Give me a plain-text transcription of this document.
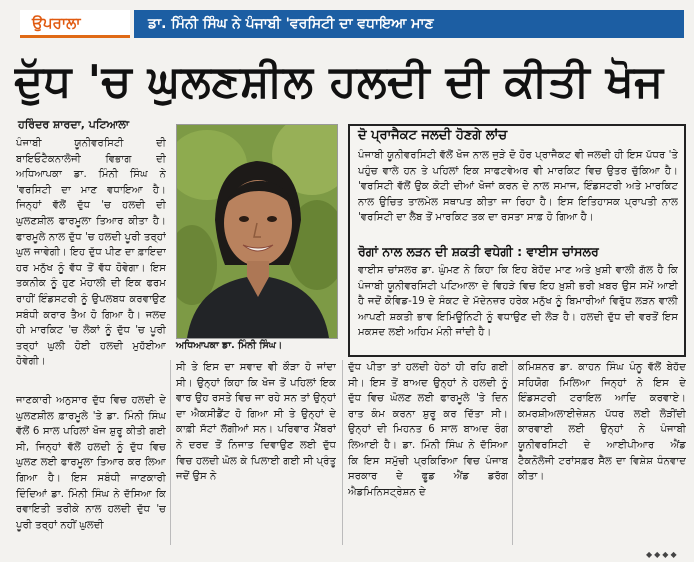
ਉਪਰਾਲਾ	ਡਾ. ਮਿੰਨੀ ਸਿੰਘ ਨੇ ਪੰਜਾਬੀ 'ਵਰਸਿਟੀ ਦਾ ਵਧਾਇਆ ਮਾਣ
ਦੁੱਧ 'ਚ ਘੁਲਣਸ਼ੀਲ ਹਲਦੀ ਦੀ ਕੀਤੀ ਖੋਜ
ਹਰਿੰਦਰ ਸ਼ਾਰਦਾ, ਪਟਿਆਲਾ

ਪੰਜਾਬੀ ਯੂਨੀਵਰਸਿਟੀ ਦੀ ਬਾਇਓਟੈਕਨਾਲੋਜੀ ਵਿਭਾਗ ਦੀ ਅਧਿਆਪਕਾ ਡਾ. ਮਿੰਨੀ ਸਿੰਘ ਨੇ 'ਵਰਸਿਟੀ ਦਾ ਮਾਣ ਵਧਾਇਆ ਹੈ। ਜਿਨ੍ਹਾਂ ਵੱਲੋਂ ਦੁੱਧ 'ਚ ਹਲਦੀ ਦੀ ਘੁਲਣਸ਼ੀਲ ਫਾਰਮੂਲਾ ਤਿਆਰ ਕੀਤਾ ਹੈ। ਫਾਰਮੂਲੇ ਨਾਲ ਦੁੱਧ 'ਚ ਹਲਦੀ ਪੂਰੀ ਤਰ੍ਹਾਂ ਘੁਲ ਜਾਵੇਗੀ। ਇਹ ਦੁੱਧ ਪੀਣ ਦਾ ਫ਼ਾਇਦਾ ਹਰ ਮਨੁੱਖ ਨੂੰ ਵੱਧ ਤੋਂ ਵੱਧ ਹੋਵੇਗਾ। ਇਸ ਤਕਨੀਕ ਨੂੰ ਹੁਣ ਮੋਹਾਲੀ ਦੀ ਇਕ ਫਰਮ ਰਾਹੀਂ ਇੰਡਸਟਰੀ ਨੂੰ ਉਪਲਬਧ ਕਰਵਾਉਣ ਸਬੰਧੀ ਕਰਾਰ ਤੈਅ ਹੋ ਗਿਆ ਹੈ। ਜਲਦ ਹੀ ਮਾਰਕਿਟ 'ਚ ਲੋਕਾਂ ਨੂੰ ਦੁੱਧ 'ਚ ਪੂਰੀ ਤਰ੍ਹਾਂ ਘੁਲੀ ਹੋਈ ਹਲਦੀ ਮੁਹੱਈਆ ਹੋਵੇਗੀ।

ਜਾਣਕਾਰੀ ਅਨੁਸਾਰ ਦੁੱਧ ਵਿਚ ਹਲਦੀ ਦੇ ਘੁਲਣਸ਼ੀਲ ਫ਼ਾਰਮੂਲੇ 'ਤੇ ਡਾ. ਮਿੰਨੀ ਸਿੰਘ ਵੱਲੋਂ 6 ਸਾਲ ਪਹਿਲਾਂ ਖੋਜ ਸ਼ੁਰੂ ਕੀਤੀ ਗਈ ਸੀ, ਜਿਨ੍ਹਾਂ ਵੱਲੋਂ ਹਲਦੀ ਨੂੰ ਦੁੱਧ ਵਿਚ ਘੁਲਣ ਲਈ ਫਾਰਮੂਲਾ ਤਿਆਰ ਕਰ ਲਿਆ ਗਿਆ ਹੈ। ਇਸ ਸਬੰਧੀ ਜਾਣਕਾਰੀ ਦਿੰਦਿਆਂ ਡਾ. ਮਿੰਨੀ ਸਿੰਘ ਨੇ ਦੱਸਿਆ ਕਿ ਰਵਾਇਤੀ ਤਰੀਕੇ ਨਾਲ ਹਲਦੀ ਦੁੱਧ 'ਚ ਪੂਰੀ ਤਰ੍ਹਾਂ ਨਹੀਂ ਘੁਲਦੀ

ਅਧਿਆਪਕਾ ਡਾ. ਮਿੰਨੀ ਸਿੰਘ।
ਦੋ ਪ੍ਰਾਜੈਕਟ ਜਲਦੀ ਹੋਣਗੇ ਲਾਂਚ

ਪੰਜਾਬੀ ਯੂਨੀਵਰਸਿਟੀ ਵੱਲੋਂ ਖੋਜ ਨਾਲ ਜੁੜੇ ਦੋ ਹੋਰ ਪ੍ਰਾਜੈਕਟ ਵੀ ਜਲਦੀ ਹੀ ਇਸ ਪੱਧਰ 'ਤੇ ਪਹੁੰਚ ਵਾਲੇ ਹਨ ਤੇ ਪਹਿਲਾਂ ਇਕ ਸਾਫਟਵੇਅਰ ਵੀ ਮਾਰਕਿਟ ਵਿਚ ਉਤਰ ਚੁੱਕਿਆ ਹੈ। 'ਵਰਸਿਟੀ ਵੱਲੋਂ ਉਕ ਕੋਟੀ ਦੀਆਂ ਖੋਜਾਂ ਕਰਨ ਦੇ ਨਾਲ ਸਮਾਜ, ਇੰਡਸਟਰੀ ਅਤੇ ਮਾਰਕਿਟ ਨਾਲ ਉਚਿਤ ਤਾਲਮੇਲ ਸਥਾਪਤ ਕੀਤਾ ਜਾ ਰਿਹਾ ਹੈ। ਇਸ ਇਤਿਹਾਸਕ ਪ੍ਰਾਪਤੀ ਨਾਲ 'ਵਰਸਿਟੀ ਦਾ ਲੈਬ ਤੋਂ ਮਾਰਕਿਟ ਤਕ ਦਾ ਰਸਤਾ ਸਾਫ਼ ਹੋ ਗਿਆ ਹੈ।

ਰੋਗਾਂ ਨਾਲ ਲੜਨ ਦੀ ਸ਼ਕਤੀ ਵਧੇਗੀ : ਵਾਈਸ ਚਾਂਸਲਰ

ਵਾਈਸ ਚਾਂਸਲਰ ਡਾ. ਘੁੰਮਣ ਨੇ ਕਿਹਾ ਕਿ ਇਹ ਬੇਹੱਦ ਮਾਣ ਅਤੇ ਖ਼ੁਸ਼ੀ ਵਾਲੀ ਗੱਲ ਹੈ ਕਿ ਪੰਜਾਬੀ ਯੂਨੀਵਰਸਿਟੀ ਪਟਿਆਲਾ ਦੇ ਵਿਹੜੇ ਵਿਚ ਇਹ ਖ਼ੁਸ਼ੀ ਭਰੀ ਖ਼ਬਰ ਉਸ ਸਮੇਂ ਆਈ ਹੈ ਜਦੋਂ ਕੋਵਿਡ-19 ਦੇ ਸੰਕਟ ਦੇ ਮੱਦੇਨਜ਼ਰ ਹਰੇਕ ਮਨੁੱਖ ਨੂੰ ਬਿਮਾਰੀਆਂ ਵਿਰੁੱਧ ਲੜਨ ਵਾਲੀ ਆਪਣੀ ਸ਼ਕਤੀ ਭਾਵ ਇਮਿਊਨਿਟੀ ਨੂੰ ਵਧਾਉਣ ਦੀ ਲੋੜ ਹੈ। ਹਲਦੀ ਦੁੱਧ ਦੀ ਵਰਤੋਂ ਇਸ ਮਕਸਦ ਲਈ ਅਹਿਮ ਮੰਨੀ ਜਾਂਦੀ ਹੈ।

ਸੀ ਤੇ ਇਸ ਦਾ ਸਵਾਦ ਵੀ ਕੌੜਾ ਹੋ ਜਾਂਦਾ ਸੀ। ਉਨ੍ਹਾਂ ਕਿਹਾ ਕਿ ਖੋਜ ਤੋਂ ਪਹਿਲਾਂ ਇਕ ਵਾਰ ਉਹ ਰਸਤੇ ਵਿਚ ਜਾ ਰਹੇ ਸਨ ਤਾਂ ਉਨ੍ਹਾਂ ਦਾ ਐਕਸੀਡੈਂਟ ਹੋ ਗਿਆ ਸੀ ਤੇ ਉਨ੍ਹਾਂ ਦੇ ਕਾਫ਼ੀ ਸੱਟਾਂ ਲੱਗੀਆਂ ਸਨ। ਪਰਿਵਾਰ ਮੈਂਬਰਾਂ ਨੇ ਦਰਦ ਤੋਂ ਨਿਜਾਤ ਦਿਵਾਉਣ ਲਈ ਦੁੱਧ ਵਿਚ ਹਲਦੀ ਘੋਲ ਕੇ ਪਿਲਾਈ ਗਈ ਸੀ ਪ੍ਰੰਤੂ ਜਦੋਂ ਉਸ ਨੇ

ਦੁੱਧ ਪੀਤਾ ਤਾਂ ਹਲਦੀ ਹੇਠਾਂ ਹੀ ਰਹਿ ਗਈ ਸੀ। ਇਸ ਤੋਂ ਬਾਅਦ ਉਨ੍ਹਾਂ ਨੇ ਹਲਦੀ ਨੂੰ ਦੁੱਧ ਵਿਚ ਘੋਲਣ ਲਈ ਫਾਰਮੂਲੇ 'ਤੇ ਦਿਨ ਰਾਤ ਕੰਮ ਕਰਨਾ ਸ਼ੁਰੂ ਕਰ ਦਿੱਤਾ ਸੀ। ਉਨ੍ਹਾਂ ਦੀ ਮਿਹਨਤ 6 ਸਾਲ ਬਾਅਦ ਰੰਗ ਲਿਆਈ ਹੈ। ਡਾ. ਮਿੰਨੀ ਸਿੰਘ ਨੇ ਦੱਸਿਆ ਕਿ ਇਸ ਸਮੁੱਚੀ ਪ੍ਰਕਿਰਿਆ ਵਿਚ ਪੰਜਾਬ ਸਰਕਾਰ ਦੇ ਫੂਡ ਐਂਡ ਡਰੱਗ ਐਡਮਿਨਿਸਟ੍ਰੇਸ਼ਨ ਦੇ

ਕਮਿਸ਼ਨਰ ਡਾ. ਕਾਹਨ ਸਿੰਘ ਪੰਨੂ ਵੱਲੋਂ ਬੇਹੱਦ ਸਹਿਯੋਗ ਮਿਲਿਆ ਜਿਨ੍ਹਾਂ ਨੇ ਇਸ ਦੇ ਇੰਡਸਟਰੀ ਟਰਾਇਲ ਆਦਿ ਕਰਵਾਏ। ਕਮਰਸ਼ੀਅਲਾਈਜ਼ੇਸ਼ਨ ਪੱਧਰ ਲਈ ਲੋੜੀਂਦੀ ਕਾਰਵਾਈ ਲਈ ਉਨ੍ਹਾਂ ਨੇ ਪੰਜਾਬੀ ਯੂਨੀਵਰਸਿਟੀ ਦੇ ਆਈਪੀਆਰ ਐਂਡ ਟੈਕਨੋਲੋਜੀ ਟਰਾਂਸਫ਼ਰ ਸੈੱਲ ਦਾ ਵਿਸ਼ੇਸ਼ ਧੰਨਵਾਦ ਕੀਤਾ।

◆◆◆◆
